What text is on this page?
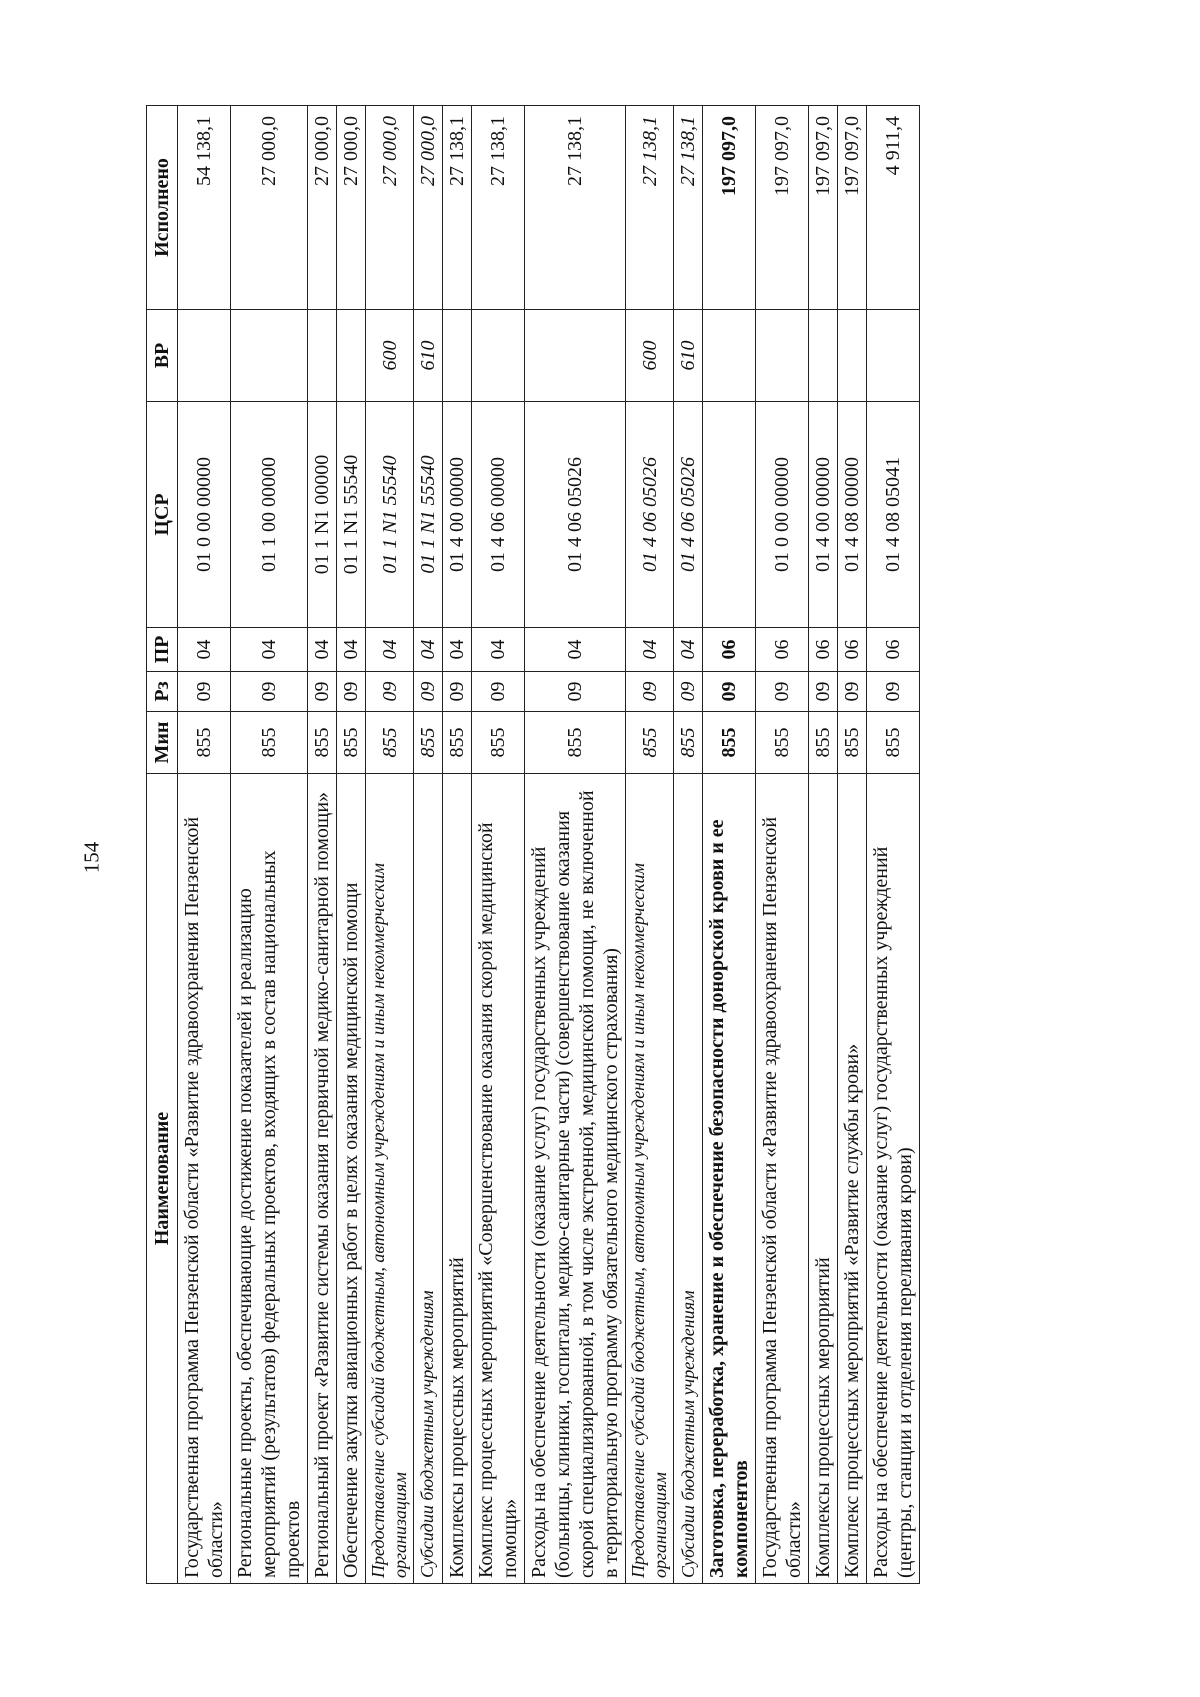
154
Наименование	Мин	Рз	ПР	ЦСР	ВР	Исполнено
Государственная программа Пензенской области «Развитие здравоохранения Пензенской области»	855	09	04	01 0 00 00000		54 138,1
Региональные проекты, обеспечивающие достижение показателей и реализацию мероприятий (результатов) федеральных проектов, входящих в состав национальных проектов	855	09	04	01 1 00 00000		27 000,0
Региональный проект «Развитие системы оказания первичной медико-санитарной помощи»	855	09	04	01 1 N1 00000		27 000,0
Обеспечение закупки авиационных работ в целях оказания медицинской помощи	855	09	04	01 1 N1 55540		27 000,0
Предоставление субсидий бюджетным, автономным учреждениям и иным некоммерческим организациям	855	09	04	01 1 N1 55540	600	27 000,0
Субсидии бюджетным учреждениям	855	09	04	01 1 N1 55540	610	27 000,0
Комплексы процессных мероприятий	855	09	04	01 4 00 00000		27 138,1
Комплекс процессных мероприятий «Совершенствование оказания скорой медицинской помощи»	855	09	04	01 4 06 00000		27 138,1
Расходы на обеспечение деятельности (оказание услуг) государственных учреждений (больницы, клиники, госпитали, медико-санитарные части) (совершенствование оказания скорой специализированной, в том числе экстренной, медицинской помощи, не включенной в территориальную программу обязательного медицинского страхования)	855	09	04	01 4 06 05026		27 138,1
Предоставление субсидий бюджетным, автономным учреждениям и иным некоммерческим организациям	855	09	04	01 4 06 05026	600	27 138,1
Субсидии бюджетным учреждениям	855	09	04	01 4 06 05026	610	27 138,1
Заготовка, переработка, хранение и обеспечение безопасности донорской крови и ее компонентов	855	09	06			197 097,0
Государственная программа Пензенской области «Развитие здравоохранения Пензенской области»	855	09	06	01 0 00 00000		197 097,0
Комплексы процессных мероприятий	855	09	06	01 4 00 00000		197 097,0
Комплекс процессных мероприятий «Развитие службы крови»	855	09	06	01 4 08 00000		197 097,0
Расходы на обеспечение деятельности (оказание услуг) государственных учреждений (центры, станции и отделения переливания крови)	855	09	06	01 4 08 05041		4 911,4
